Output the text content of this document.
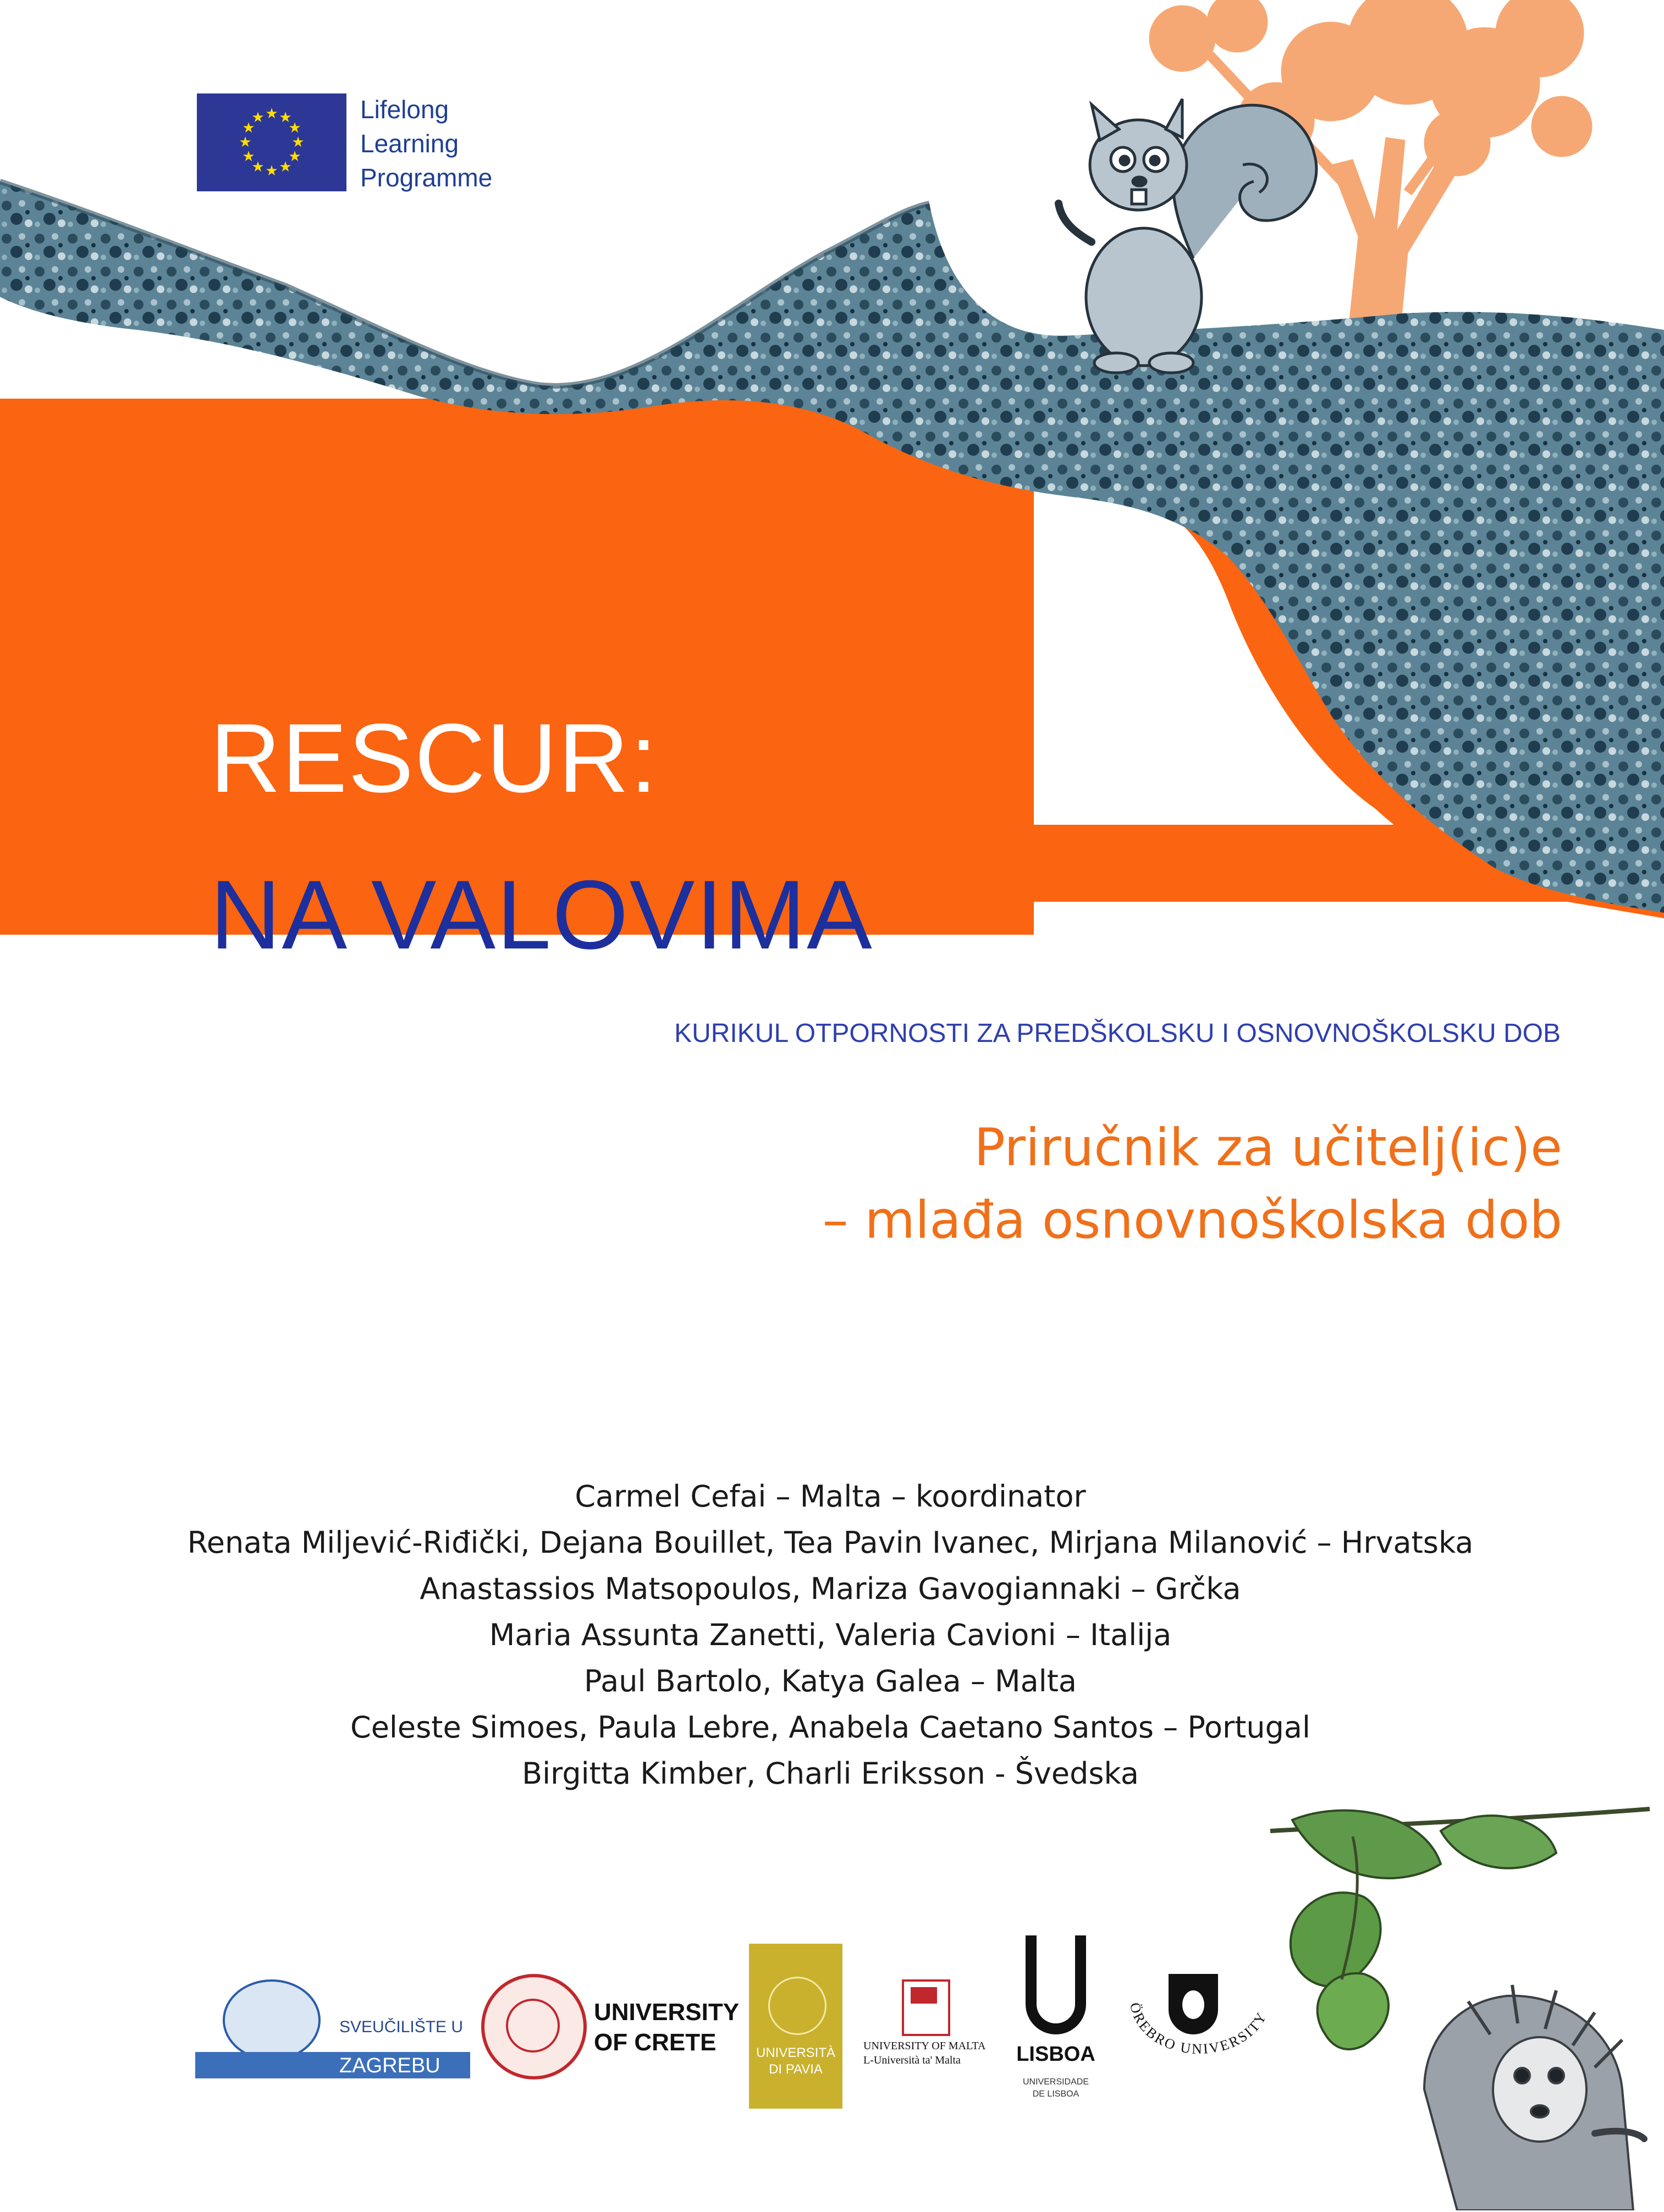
★ ★
★
★
★
★
★
★
★
★
★
★	Lifelong
Learning
Programme
RESCUR:
NA VALOVIMA
KURIKUL OTPORNOSTI ZA PREDŠKOLSKU I OSNOVNOŠKOLSKU DOB
Priručnik za učitelj(ic)e
– mlađa osnovnoškolska dob
Carmel Cefai – Malta – koordinator
Renata Miljević-Riđički, Dejana Bouillet, Tea Pavin Ivanec, Mirjana Milanović – Hrvatska
Anastassios Matsopoulos, Mariza Gavogiannaki – Grčka
Maria Assunta Zanetti, Valeria Cavioni – Italija
Paul Bartolo, Katya Galea – Malta
Celeste Simoes, Paula Lebre, Anabela Caetano Santos – Portugal
Birgitta Kimber, Charli Eriksson - Švedska
SVEUČILIŠTE U
ZAGREBU
UNIVERSITY
OF CRETE	UNIVERSITÀ
DI PAVIA
UNIVERSITY OF MALTA
L-Università ta' Malta	LISBOA
UNIVERSIDADE
DE LISBOA
ÖREBRO UNIVERSITY
